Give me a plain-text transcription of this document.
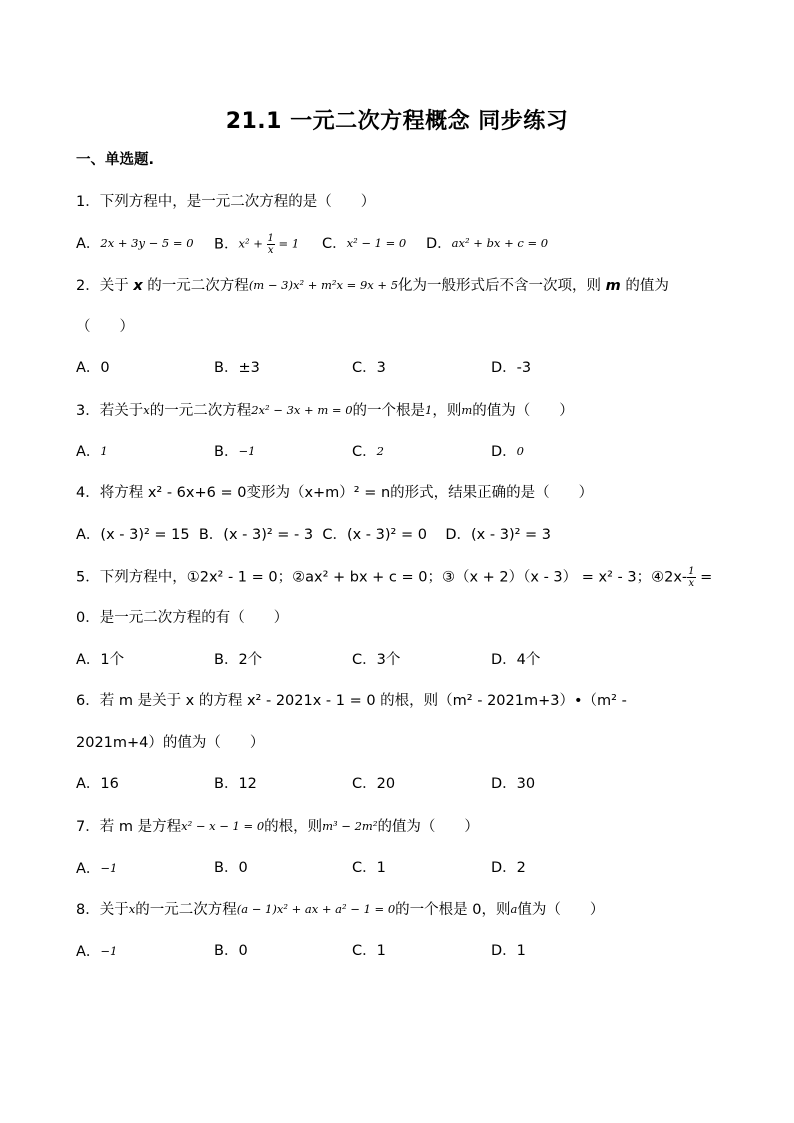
21.1 一元二次方程概念 同步练习
一、单选题.
1．下列方程中，是一元二次方程的是（　　）
A．2x + 3y − 5 = 0 B．$x^2 + \frac{1}{x} = 1$ C．x² − 1 = 0 D．ax² + bx + c = 0
2．关于 x 的一元二次方程(m − 3)x² + m²x = 9x + 5化为一般形式后不含一次项，则 m 的值为
（　　）
A．0	B．±3	C．3	D．-3
3．若关于x的一元二次方程2x² − 3x + m = 0的一个根是1，则m的值为（　　）
A．1	B．−1	C．2	D．0
4．将方程 x² - 6x+6 = 0变形为（x+m）² = n的形式，结果正确的是（　　）
A．(x - 3)² = 15  B．(x - 3)² = - 3  C．(x - 3)² = 0    D．(x - 3)² = 3
5．下列方程中，①2x² - 1 = 0；②ax² + bx + c = 0；③（x + 2）（x - 3） = x² - 3；④2x- $\frac{1}{x}$ =
0．是一元二次方程的有（　　）
A．1个	B．2个	C．3个	D．4个
6．若 m 是关于 x 的方程 x² - 2021x - 1 = 0 的根，则（m² - 2021m+3）•（m² -
2021m+4）的值为（　　）
A．16	B．12	C．20	D．30
7．若 m 是方程x² − x − 1 = 0的根，则m³ − 2m²的值为（　　）
A．−1	B．0	C．1	D．2
8．关于x的一元二次方程(a − 1)x² + ax + a² − 1 = 0的一个根是 0，则a值为（　　）
A．−1	B．0	C．1	D．1
